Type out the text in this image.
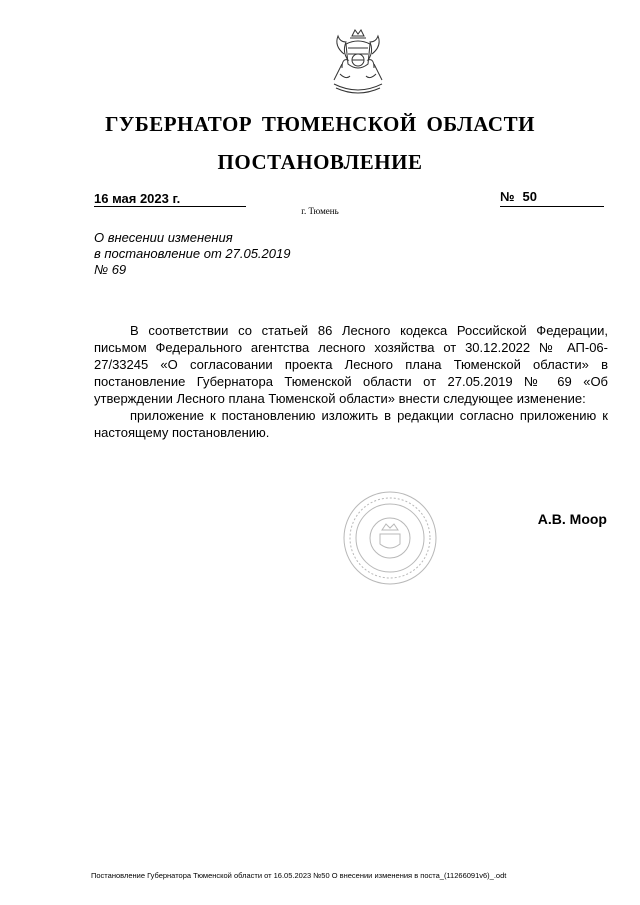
ГУБЕРНАТОР ТЮМЕНСКОЙ ОБЛАСТИ
ПОСТАНОВЛЕНИЕ
16 мая 2023 г.	№ 50
г. Тюмень
О внесении изменения
в постановление от 27.05.2019
№ 69

В соответствии со статьей 86 Лесного кодекса Российской Федерации, письмом Федерального агентства лесного хозяйства от 30.12.2022 № АП-06-27/33245 «О согласовании проекта Лесного плана Тюменской области» в постановление Губернатора Тюменской области от 27.05.2019 № 69 «Об утверждении Лесного плана Тюменской области» внести следующее изменение:

приложение к постановлению изложить в редакции согласно приложению к настоящему постановлению.

А.В. Моор
Постановление Губернатора Тюменской области от 16.05.2023 №50 О внесении изменения в поста_(11266091v6)_.odt
